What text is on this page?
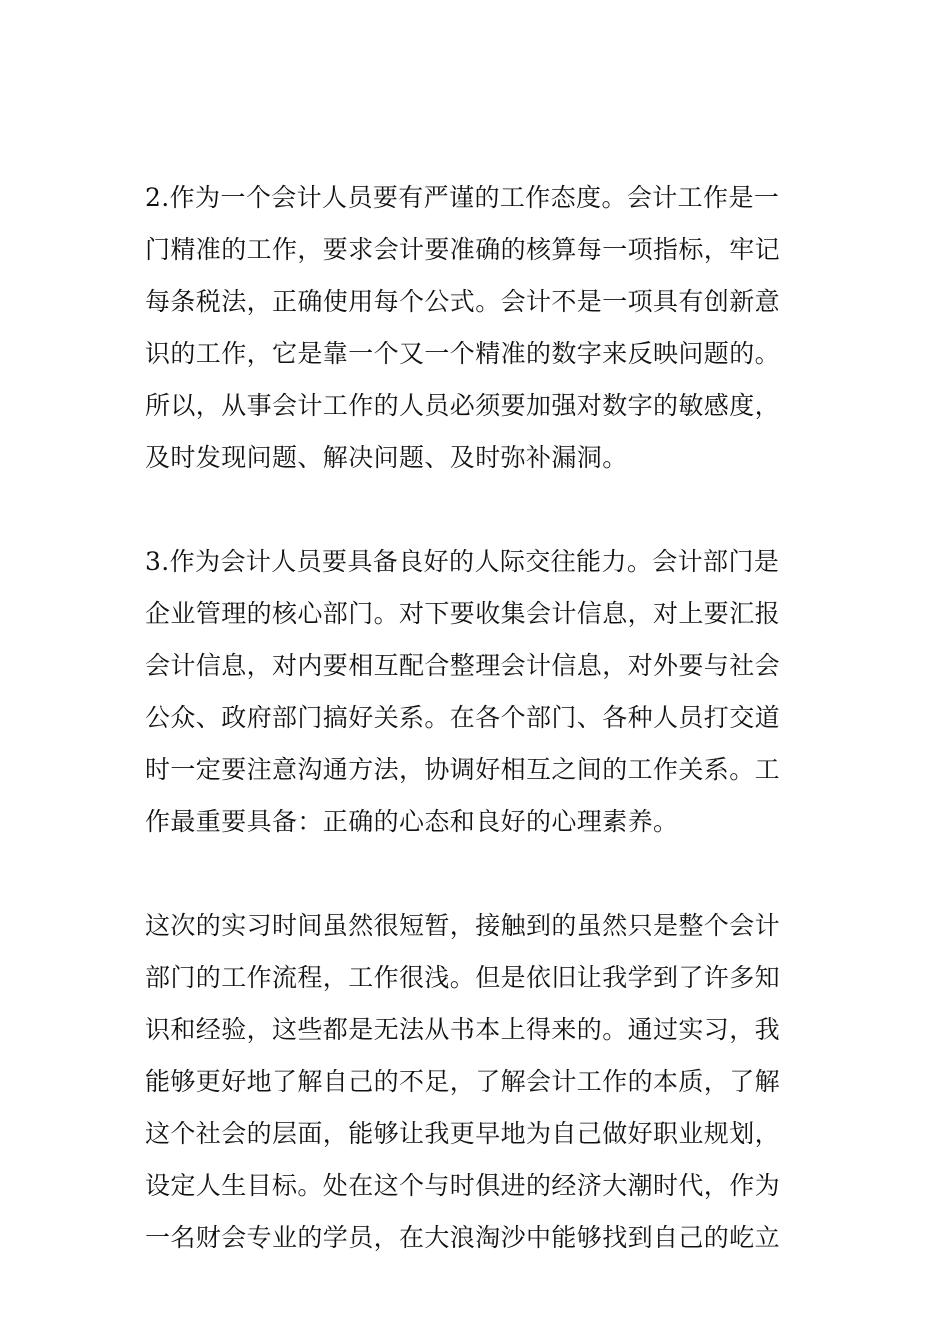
2.作为一个会计人员要有严谨的工作态度。会计工作是一
门精准的工作，要求会计要准确的核算每一项指标，牢记
每条税法，正确使用每个公式。会计不是一项具有创新意
识的工作，它是靠一个又一个精准的数字来反映问题的。
所以，从事会计工作的人员必须要加强对数字的敏感度，
及时发现问题、解决问题、及时弥补漏洞。
3.作为会计人员要具备良好的人际交往能力。会计部门是
企业管理的核心部门。对下要收集会计信息，对上要汇报
会计信息，对内要相互配合整理会计信息，对外要与社会
公众、政府部门搞好关系。在各个部门、各种人员打交道
时一定要注意沟通方法，协调好相互之间的工作关系。工
作最重要具备：正确的心态和良好的心理素养。
这次的实习时间虽然很短暂，接触到的虽然只是整个会计
部门的工作流程，工作很浅。但是依旧让我学到了许多知
识和经验，这些都是无法从书本上得来的。通过实习，我
能够更好地了解自己的不足，了解会计工作的本质，了解
这个社会的层面，能够让我更早地为自己做好职业规划，
设定人生目标。处在这个与时俱进的经济大潮时代，作为
一名财会专业的学员，在大浪淘沙中能够找到自己的屹立
